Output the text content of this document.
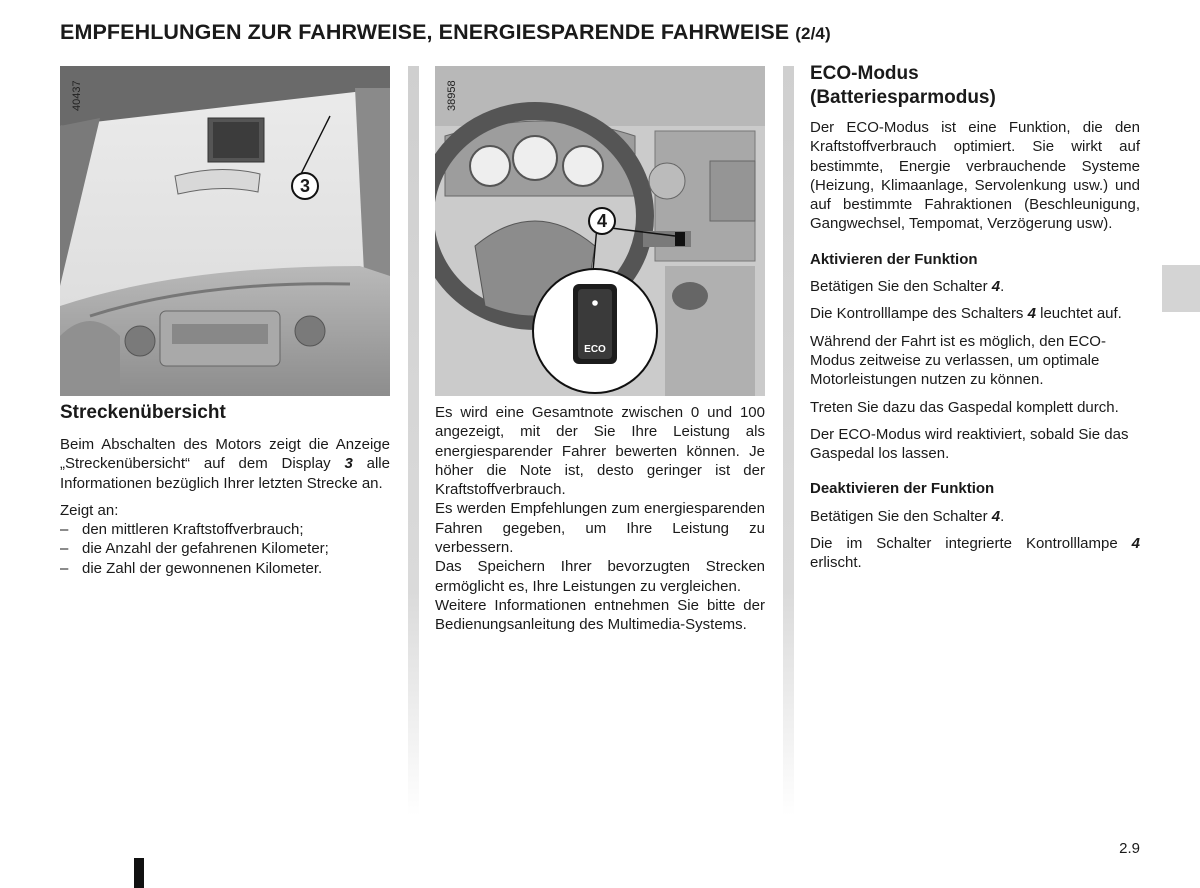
EMPFEHLUNGEN ZUR FAHRWEISE, ENERGIESPARENDE FAHRWEISE (2/4)
40437
3
38958
4
ECO
Streckenübersicht

Beim Abschalten des Motors zeigt die Anzeige „Streckenübersicht“ auf dem Display 3 alle Informationen bezüglich Ihrer letzten Strecke an.

Zeigt an:

– den mittleren Kraftstoffverbrauch;
– die Anzahl der gefahrenen Kilometer;
– die Zahl der gewonnenen Kilometer.

Es wird eine Gesamtnote zwischen 0 und 100 angezeigt, mit der Sie Ihre Leistung als energiesparender Fahrer bewerten können. Je höher die Note ist, desto geringer ist der Kraftstoffverbrauch.

Es werden Empfehlungen zum energiesparenden Fahren gegeben, um Ihre Leistung zu verbessern.

Das Speichern Ihrer bevorzugten Strecken ermöglicht es, Ihre Leistungen zu vergleichen.

Weitere Informationen entnehmen Sie bitte der Bedienungsanleitung des Multimedia-Systems.

ECO-Modus
(Batteriesparmodus)

Der ECO-Modus ist eine Funktion, die den Kraftstoffverbrauch optimiert. Sie wirkt auf bestimmte, Energie verbrauchende Systeme (Heizung, Klimaanlage, Servolenkung usw.) und auf bestimmte Fahraktionen (Beschleunigung, Gangwechsel, Tempomat, Verzögerung usw).

Aktivieren der Funktion

Betätigen Sie den Schalter 4.

Die Kontrolllampe des Schalters 4 leuchtet auf.

Während der Fahrt ist es möglich, den ECO-Modus zeitweise zu verlassen, um optimale Motorleistungen nutzen zu können.

Treten Sie dazu das Gaspedal komplett durch.

Der ECO-Modus wird reaktiviert, sobald Sie das Gaspedal los lassen.

Deaktivieren der Funktion

Betätigen Sie den Schalter 4.

Die im Schalter integrierte Kontrolllampe 4 erlischt.

2.9
